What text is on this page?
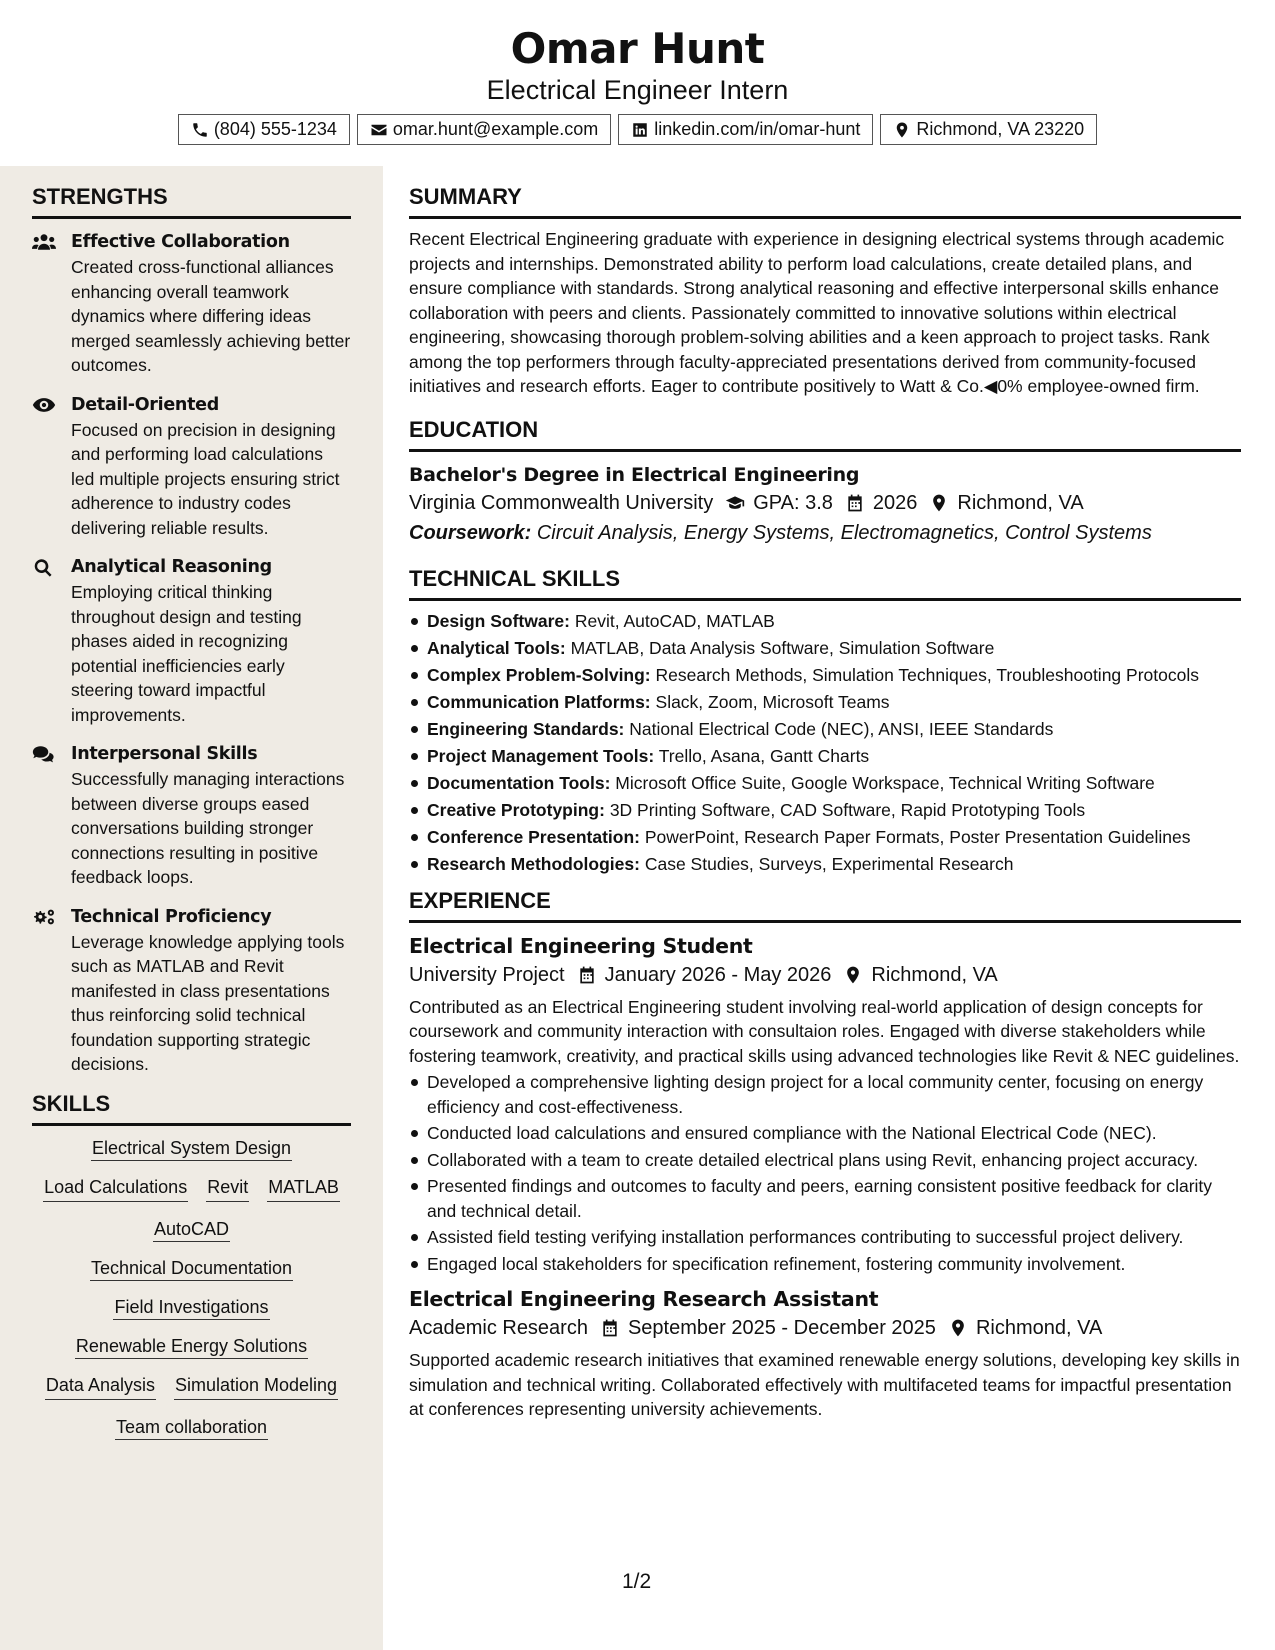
Omar Hunt
Electrical Engineer Intern
(804) 555-1234	omar.hunt@example.com	linkedin.com/in/omar-hunt	Richmond, VA 23220
STRENGTHS
Effective Collaboration
Created cross-functional alliances enhancing overall teamwork dynamics where differing ideas merged seamlessly achieving better outcomes.
Detail-Oriented
Focused on precision in designing and performing load calculations led multiple projects ensuring strict adherence to industry codes delivering reliable results.
Analytical Reasoning
Employing critical thinking throughout design and testing phases aided in recognizing potential inefficiencies early steering toward impactful improvements.
Interpersonal Skills
Successfully managing interactions between diverse groups eased conversations building stronger connections resulting in positive feedback loops.
Technical Proficiency
Leverage knowledge applying tools such as MATLAB and Revit manifested in class presentations thus reinforcing solid technical foundation supporting strategic decisions.
SKILLS
Electrical System Design
Load Calculations Revit MATLAB
AutoCAD
Technical Documentation
Field Investigations
Renewable Energy Solutions
Data Analysis Simulation Modeling
Team collaboration
SUMMARY
Recent Electrical Engineering graduate with experience in designing electrical systems through academic projects and internships. Demonstrated ability to perform load calculations, create detailed plans, and ensure compliance with standards. Strong analytical reasoning and effective interpersonal skills enhance collaboration with peers and clients. Passionately committed to innovative solutions within electrical engineering, showcasing thorough problem-solving abilities and a keen approach to project tasks. Rank among the top performers through faculty-appreciated presentations derived from community-focused initiatives and research efforts. Eager to contribute positively to Watt & Co.◀0% employee-owned firm.
EDUCATION
Bachelor's Degree in Electrical Engineering
Virginia Commonwealth University GPA: 3.8 2026 Richmond, VA
Coursework: Circuit Analysis, Energy Systems, Electromagnetics, Control Systems
TECHNICAL SKILLS
Design Software: Revit, AutoCAD, MATLAB
Analytical Tools: MATLAB, Data Analysis Software, Simulation Software
Complex Problem-Solving: Research Methods, Simulation Techniques, Troubleshooting Protocols
Communication Platforms: Slack, Zoom, Microsoft Teams
Engineering Standards: National Electrical Code (NEC), ANSI, IEEE Standards
Project Management Tools: Trello, Asana, Gantt Charts
Documentation Tools: Microsoft Office Suite, Google Workspace, Technical Writing Software
Creative Prototyping: 3D Printing Software, CAD Software, Rapid Prototyping Tools
Conference Presentation: PowerPoint, Research Paper Formats, Poster Presentation Guidelines
Research Methodologies: Case Studies, Surveys, Experimental Research
EXPERIENCE
Electrical Engineering Student
University Project January 2026 - May 2026 Richmond, VA
Contributed as an Electrical Engineering student involving real-world application of design concepts for coursework and community interaction with consultaion roles. Engaged with diverse stakeholders while fostering teamwork, creativity, and practical skills using advanced technologies like Revit & NEC guidelines.
Developed a comprehensive lighting design project for a local community center, focusing on energy efficiency and cost-effectiveness.
Conducted load calculations and ensured compliance with the National Electrical Code (NEC).
Collaborated with a team to create detailed electrical plans using Revit, enhancing project accuracy.
Presented findings and outcomes to faculty and peers, earning consistent positive feedback for clarity and technical detail.
Assisted field testing verifying installation performances contributing to successful project delivery.
Engaged local stakeholders for specification refinement, fostering community involvement.
Electrical Engineering Research Assistant
Academic Research September 2025 - December 2025 Richmond, VA
Supported academic research initiatives that examined renewable energy solutions, developing key skills in simulation and technical writing. Collaborated effectively with multifaceted teams for impactful presentation at conferences representing university achievements.
1/2
